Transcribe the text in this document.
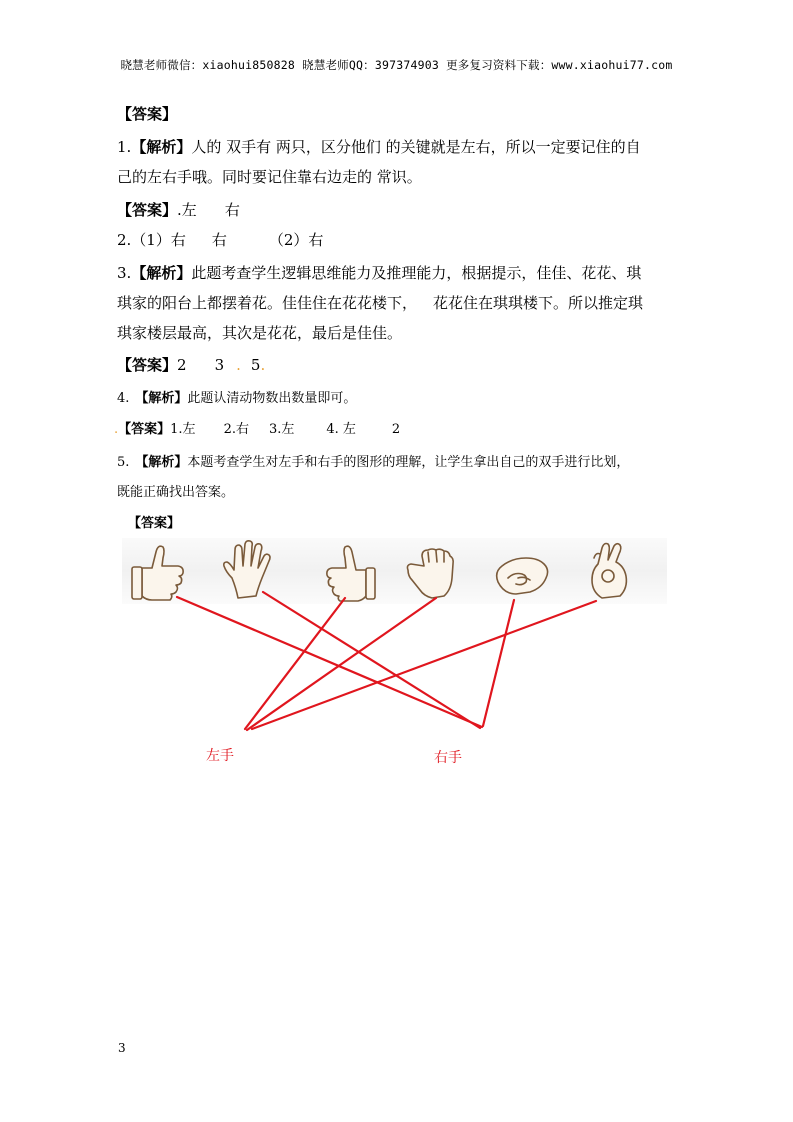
晓慧老师微信：xiaohui850828 晓慧老师QQ：397374903 更多复习资料下载：www.xiaohui77.com
【答案】
1.【解析】人的 双手有 两只，区分他们 的关键就是左右，所以一定要记住的自
己的左右手哦。同时要记住靠右边走的 常识。
【答案】.左 右
2.（1）右 右	（2）右
3.【解析】此题考查学生逻辑思维能力及推理能力，根据提示，佳佳、花花、琪
琪家的阳台上都摆着花。佳佳住在花花楼下， 花花住在琪琪楼下。所以推定琪
琪家楼层最高，其次是花花，最后是佳佳。
【答案】2 3 . 5.
4. 【解析】此题认清动物数出数量即可。
.【答案】1.左 2.右 3.左 4. 左	2
5. 【解析】本题考查学生对左手和右手的图形的理解，让学生拿出自己的双手进行比划，
既能正确找出答案。
【答案】
左手	右手
3
